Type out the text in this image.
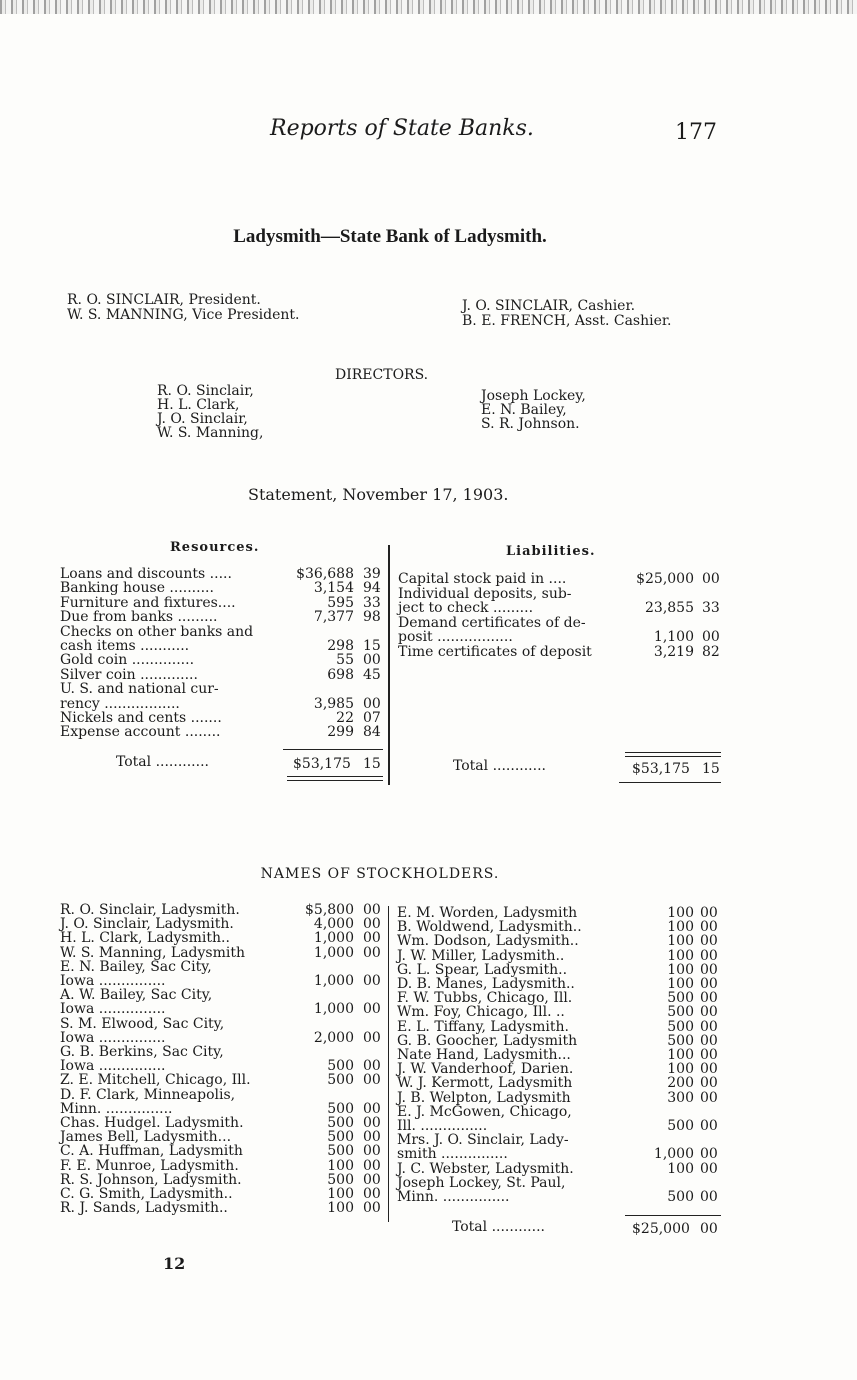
Reports of State Banks.	177
Ladysmith—State Bank of Ladysmith.
R. O. SINCLAIR, President.
W. S. MANNING, Vice President.
J. O. SINCLAIR, Cashier.
B. E. FRENCH, Asst. Cashier.
DIRECTORS.
R. O. Sinclair,
H. L. Clark,
J. O. Sinclair,
W. S. Manning,
Joseph Lockey,
E. N. Bailey,
S. R. Johnson.
Statement, November 17, 1903.
Resources.	Liabilities.
Loans and discounts .....	$36,688 39
Banking house ..........	3,154 94
Furniture and fixtures....	595 33
Due from banks .........	7,377 98
Checks on other banks and
cash items ...........	298 15
Gold coin ..............	55 00
Silver coin .............	698 45
U. S. and national cur-
rency .................	3,985 00
Nickels and cents .......	22 07
Expense account ........	299 84
Capital stock paid in ....	$25,000 00
Individual deposits, sub-
ject to check .........	23,855 33
Demand certificates of de-
posit .................	1,100 00
Time certificates of deposit	3,219 82
Total ............	$53,175 15	Total ............	$53,175 15
NAMES OF STOCKHOLDERS.
R. O. Sinclair, Ladysmith.	$5,800 00
J. O. Sinclair, Ladysmith.	4,000 00
H. L. Clark, Ladysmith..	1,000 00
W. S. Manning, Ladysmith	1,000 00
E. N. Bailey, Sac City,
Iowa ...............	1,000 00
A. W. Bailey, Sac City,
Iowa ...............	1,000 00
S. M. Elwood, Sac City,
Iowa ...............	2,000 00
G. B. Berkins, Sac City,
Iowa ...............	500 00
Z. E. Mitchell, Chicago, Ill.	500 00
D. F. Clark, Minneapolis,
Minn. ...............	500 00
Chas. Hudgel. Ladysmith.	500 00
James Bell, Ladysmith...	500 00
C. A. Huffman, Ladysmith	500 00
F. E. Munroe, Ladysmith.	100 00
R. S. Johnson, Ladysmith.	500 00
C. G. Smith, Ladysmith..	100 00
R. J. Sands, Ladysmith..	100 00
E. M. Worden, Ladysmith	100 00
B. Woldwend, Ladysmith..	100 00
Wm. Dodson, Ladysmith..	100 00
J. W. Miller, Ladysmith..	100 00
G. L. Spear, Ladysmith..	100 00
D. B. Manes, Ladysmith..	100 00
F. W. Tubbs, Chicago, Ill.	500 00
Wm. Foy, Chicago, Ill. ..	500 00
E. L. Tiffany, Ladysmith.	500 00
G. B. Goocher, Ladysmith	500 00
Nate Hand, Ladysmith...	100 00
J. W. Vanderhoof, Darien.	100 00
W. J. Kermott, Ladysmith	200 00
J. B. Welpton, Ladysmith	300 00
E. J. McGowen, Chicago,
Ill. ...............	500 00
Mrs. J. O. Sinclair, Lady-
smith ...............	1,000 00
J. C. Webster, Ladysmith.	100 00
Joseph Lockey, St. Paul,
Minn. ...............	500 00
Total ............	$25,000 00
12
